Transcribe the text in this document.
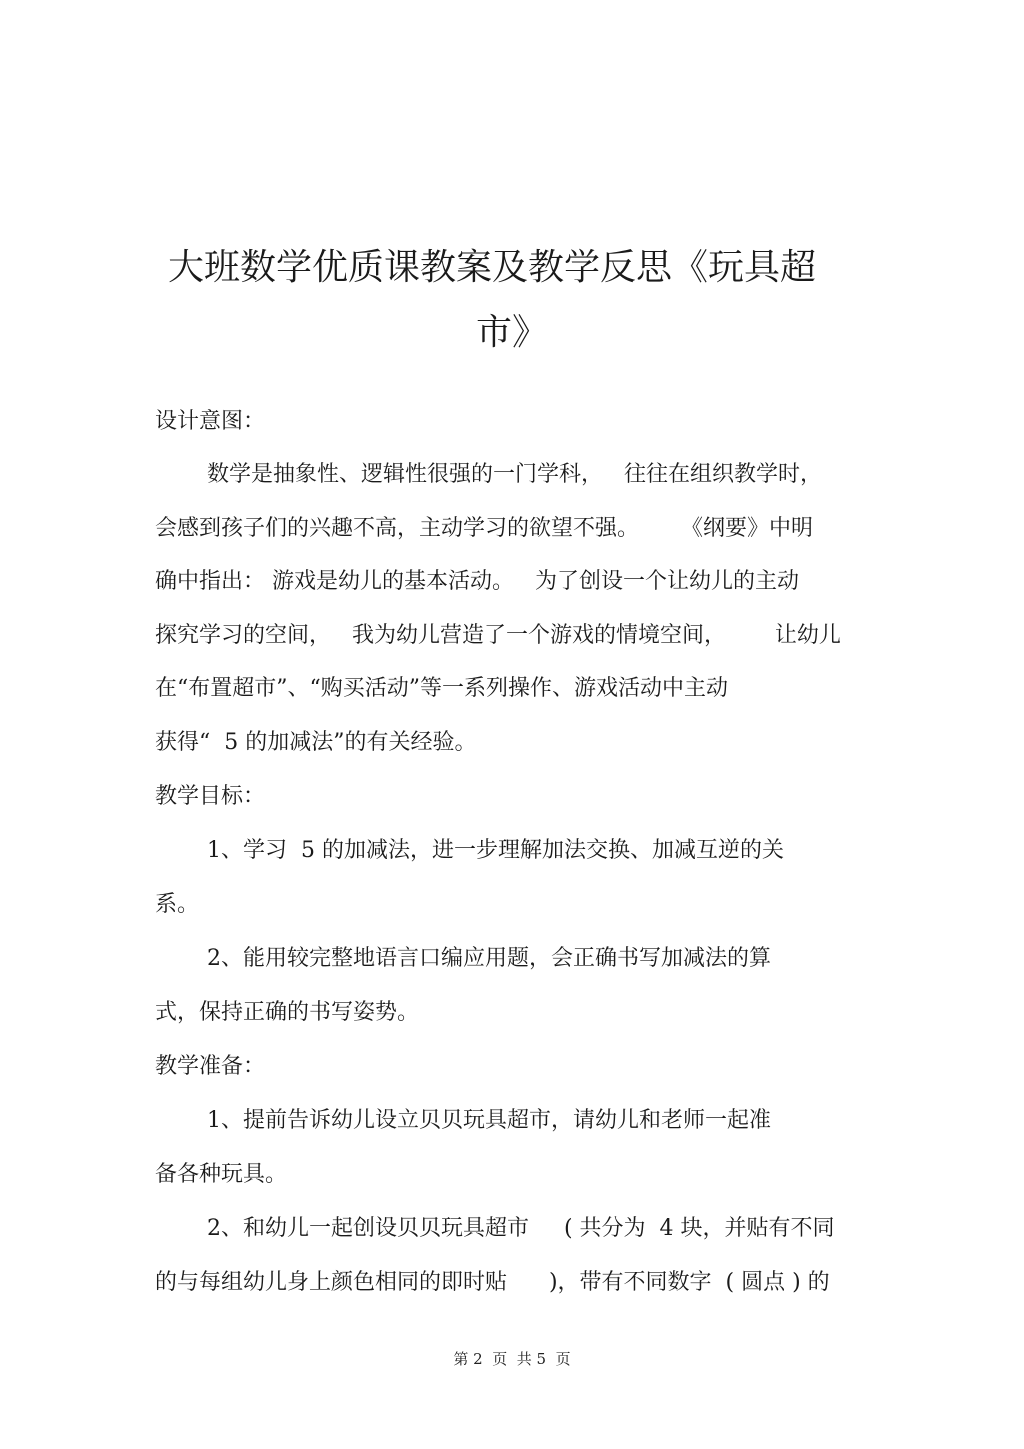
大班数学优质课教案及教学反思《玩具超
市》
设计意图：
数学是抽象性、逻辑性很强的一门学科，   往往在组织教学时，
会感到孩子们的兴趣不高，主动学习的欲望不强。      《纲要》中明
确中指出： 游戏是幼儿的基本活动。   为了创设一个让幼儿的主动
探究学习的空间，   我为幼儿营造了一个游戏的情境空间，       让幼儿
在“布置超市”、“购买活动”等一系列操作、游戏活动中主动
获得“  5 的加减法”的有关经验。
教学目标：
1、学习  5 的加减法，进一步理解加法交换、加减互逆的关
系。
2、能用较完整地语言口编应用题，会正确书写加减法的算
式，保持正确的书写姿势。
教学准备：
1、提前告诉幼儿设立贝贝玩具超市，请幼儿和老师一起准
备各种玩具。
2、和幼儿一起创设贝贝玩具超市     ( 共分为  4 块，并贴有不同
的与每组幼儿身上颜色相同的即时贴      )，带有不同数字  ( 圆点 ) 的
第 2  页  共 5  页
